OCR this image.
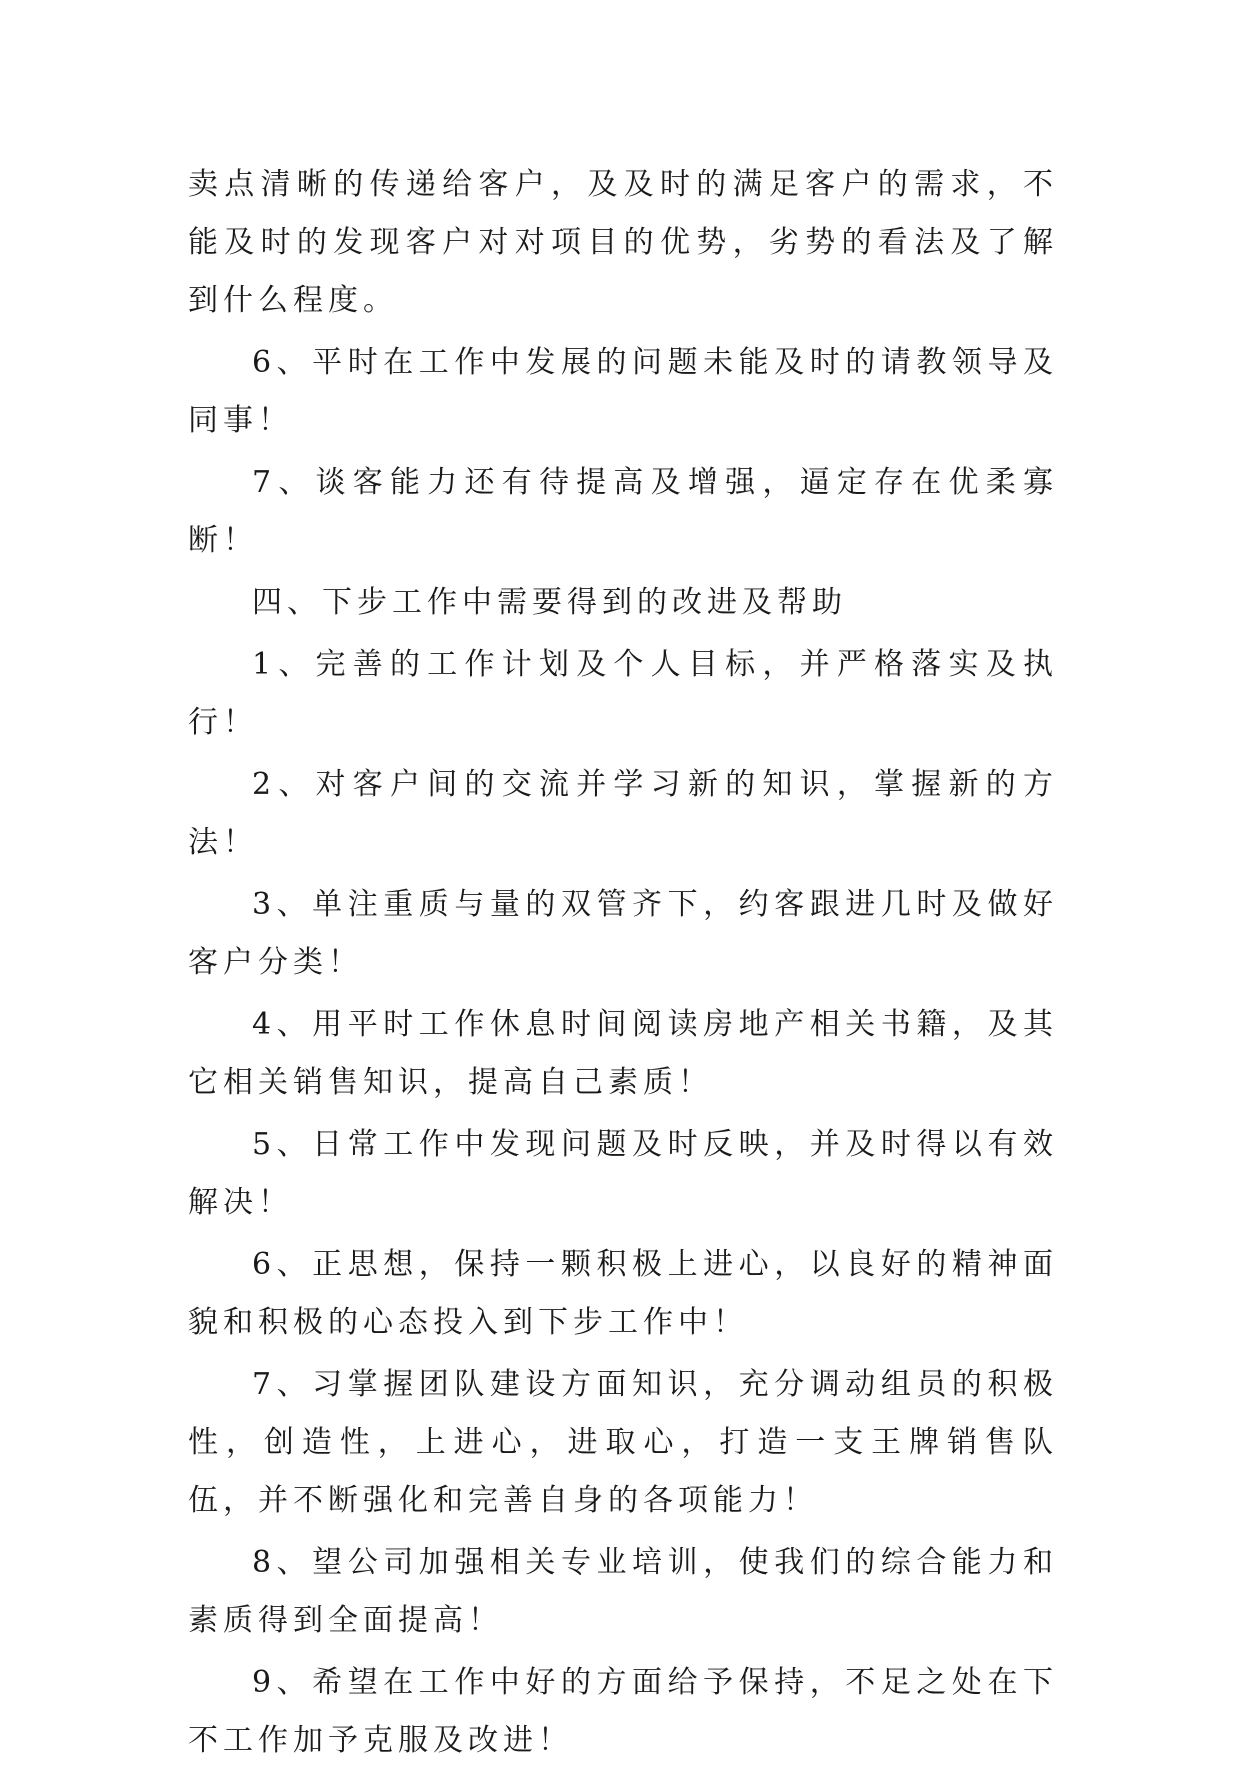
卖点清晰的传递给客户，及及时的满足客户的需求，不能及时的发现客户对对项目的优势，劣势的看法及了解到什么程度。

6、平时在工作中发展的问题未能及时的请教领导及同事！

7、谈客能力还有待提高及增强，逼定存在优柔寡断！

四、下步工作中需要得到的改进及帮助

1、完善的工作计划及个人目标，并严格落实及执行！

2、对客户间的交流并学习新的知识，掌握新的方法！

3、单注重质与量的双管齐下，约客跟进几时及做好客户分类！

4、用平时工作休息时间阅读房地产相关书籍，及其它相关销售知识，提高自己素质！

5、日常工作中发现问题及时反映，并及时得以有效解决！

6、正思想，保持一颗积极上进心，以良好的精神面貌和积极的心态投入到下步工作中！

7、习掌握团队建设方面知识，充分调动组员的积极性，创造性，上进心，进取心，打造一支王牌销售队伍，并不断强化和完善自身的各项能力！

8、望公司加强相关专业培训，使我们的综合能力和素质得到全面提高！

9、希望在工作中好的方面给予保持，不足之处在下不工作加予克服及改进！
